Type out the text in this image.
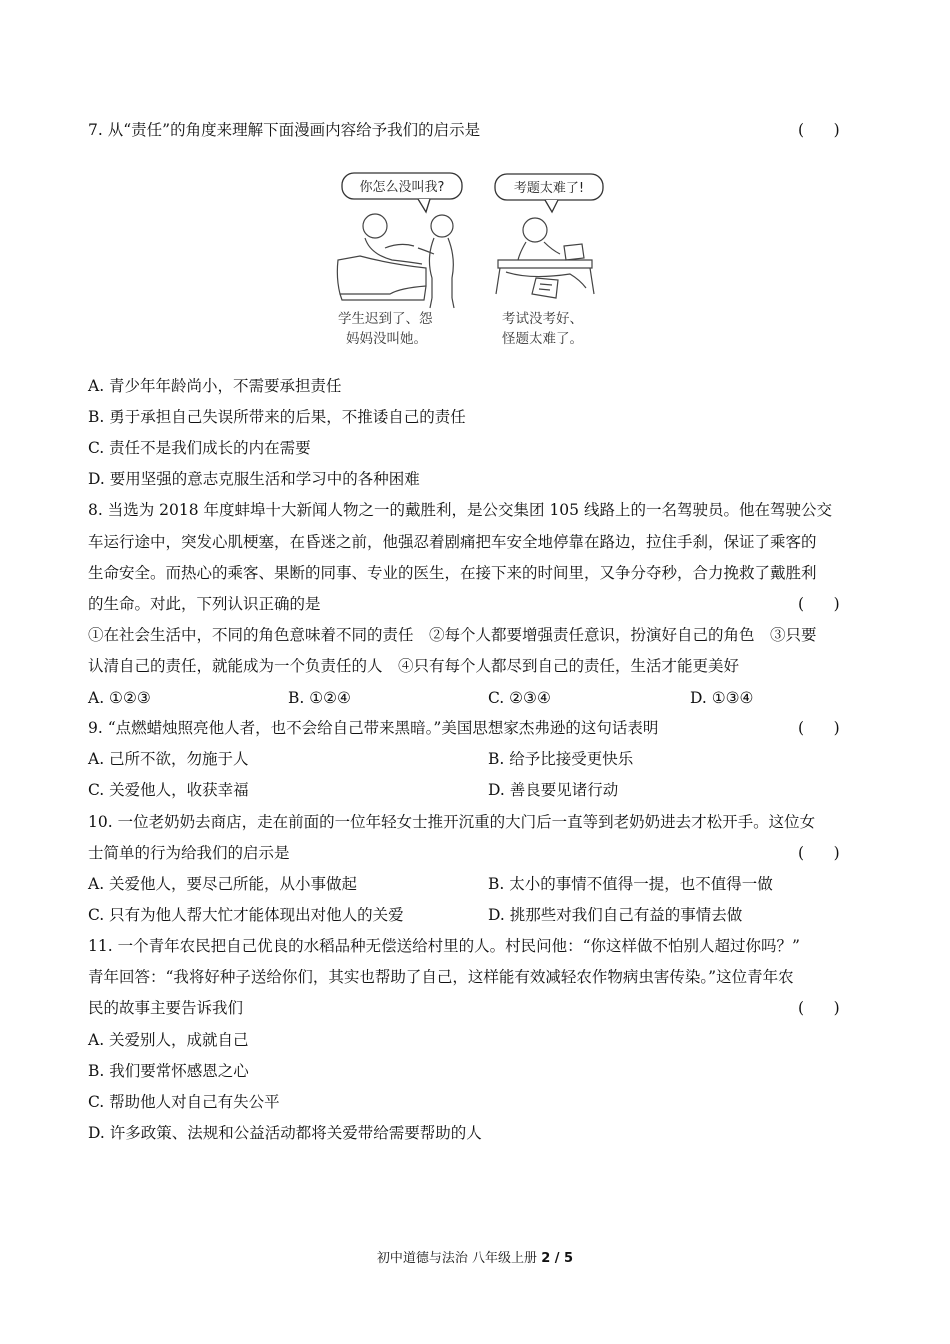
7. 从“责任”的角度来理解下面漫画内容给予我们的启示是	(      )
你怎么没叫我?	考题太难了!
学生迟到了、怨
妈妈没叫她。
考试没考好、
怪题太难了。
A. 青少年年龄尚小，不需要承担责任
B. 勇于承担自己失误所带来的后果，不推诿自己的责任
C. 责任不是我们成长的内在需要
D. 要用坚强的意志克服生活和学习中的各种困难
8. 当选为 2018 年度蚌埠十大新闻人物之一的戴胜利，是公交集团 105 线路上的一名驾驶员。他在驾驶公交
车运行途中，突发心肌梗塞，在昏迷之前，他强忍着剧痛把车安全地停靠在路边，拉住手刹，保证了乘客的
生命安全。而热心的乘客、果断的同事、专业的医生，在接下来的时间里，又争分夺秒，合力挽救了戴胜利
的生命。对此，下列认识正确的是	(      )
①在社会生活中，不同的角色意味着不同的责任　②每个人都要增强责任意识，扮演好自己的角色　③只要
认清自己的责任，就能成为一个负责任的人　④只有每个人都尽到自己的责任，生活才能更美好
A. ①②③	B. ①②④	C. ②③④	D. ①③④
9. “点燃蜡烛照亮他人者，也不会给自己带来黑暗。”美国思想家杰弗逊的这句话表明	(      )
A. 己所不欲，勿施于人	B. 给予比接受更快乐
C. 关爱他人，收获幸福	D. 善良要见诸行动
10. 一位老奶奶去商店，走在前面的一位年轻女士推开沉重的大门后一直等到老奶奶进去才松开手。这位女
士简单的行为给我们的启示是	(      )
A. 关爱他人，要尽己所能，从小事做起	B. 太小的事情不值得一提，也不值得一做
C. 只有为他人帮大忙才能体现出对他人的关爱	D. 挑那些对我们自己有益的事情去做
11. 一个青年农民把自己优良的水稻品种无偿送给村里的人。村民问他：“你这样做不怕别人超过你吗？”
青年回答：“我将好种子送给你们，其实也帮助了自己，这样能有效减轻农作物病虫害传染。”这位青年农
民的故事主要告诉我们	(      )
A. 关爱别人，成就自己
B. 我们要常怀感恩之心
C. 帮助他人对自己有失公平
D. 许多政策、法规和公益活动都将关爱带给需要帮助的人
初中道德与法治 八年级上册 2 / 5
